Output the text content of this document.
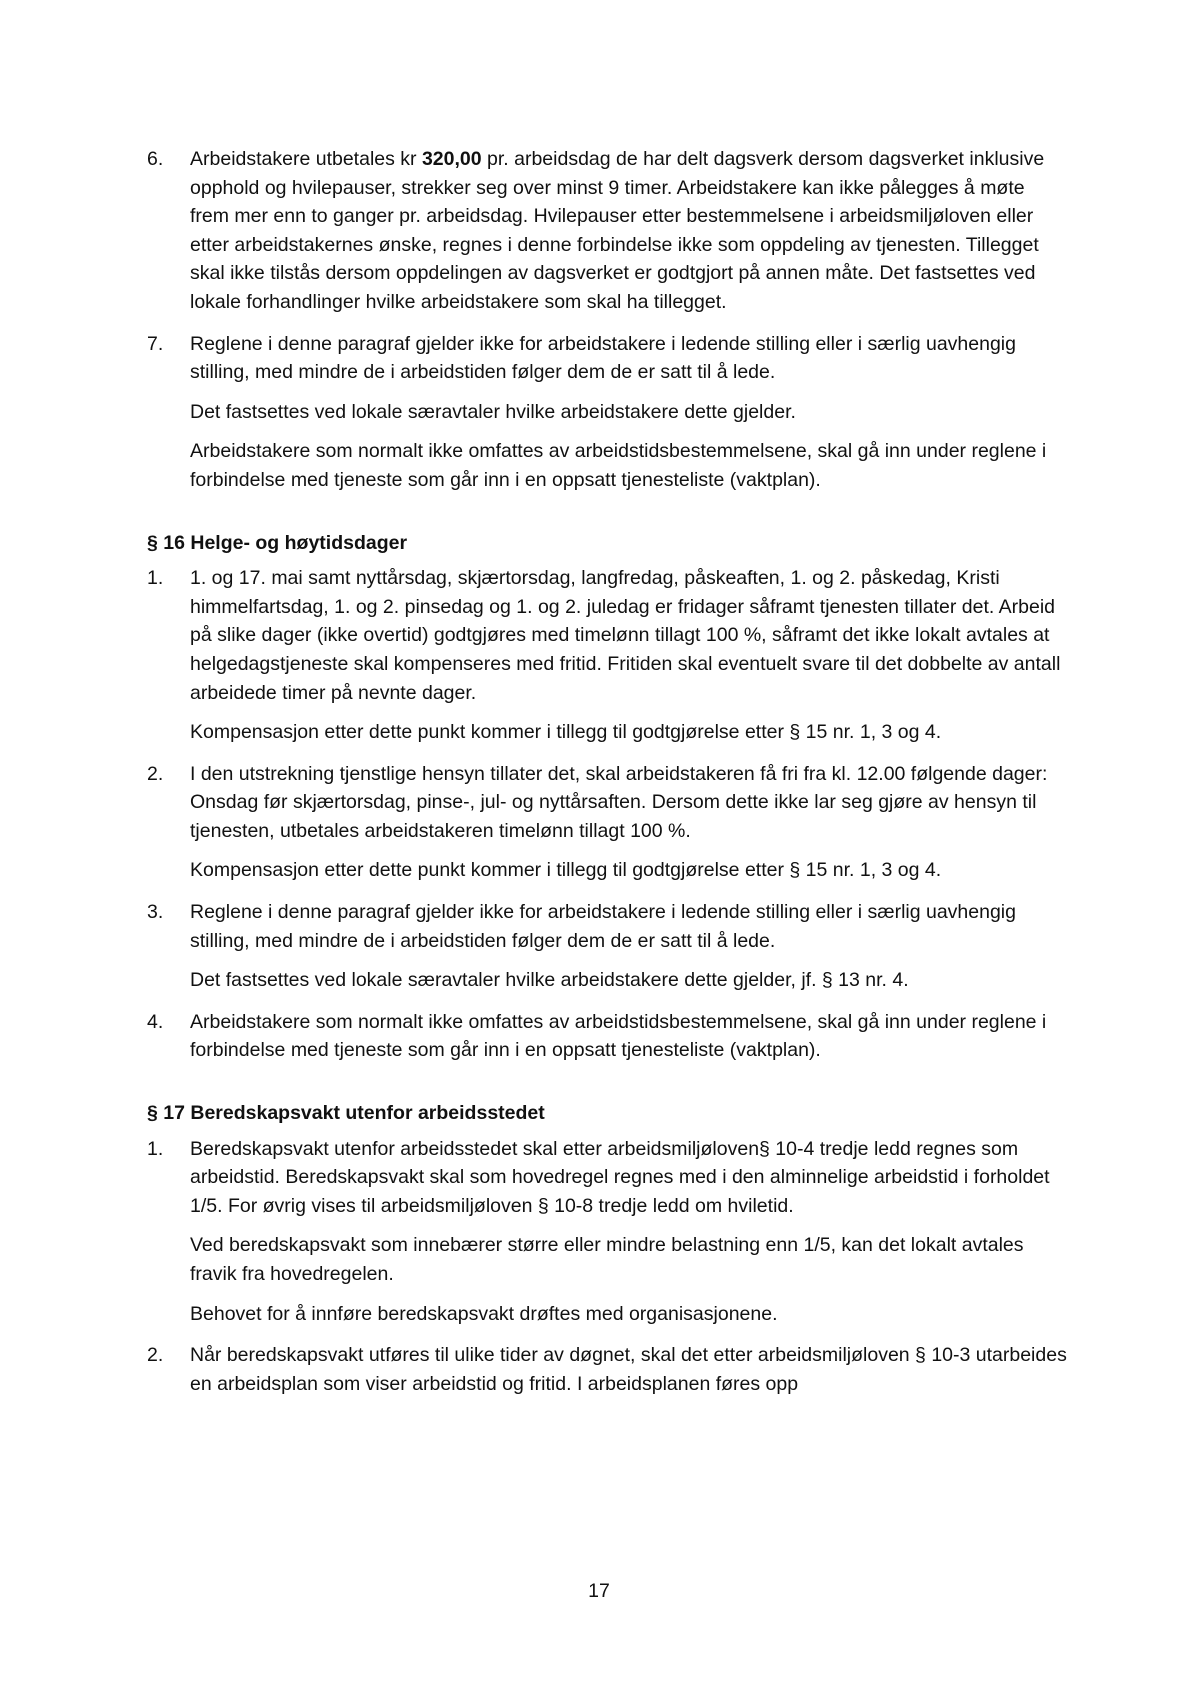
6.	Arbeidstakere utbetales kr 320,00 pr. arbeidsdag de har delt dagsverk dersom dagsverket inklusive opphold og hvilepauser, strekker seg over minst 9 timer. Arbeidstakere kan ikke pålegges å møte frem mer enn to ganger pr. arbeidsdag. Hvilepauser etter bestemmelsene i arbeidsmiljøloven eller etter arbeidstakernes ønske, regnes i denne forbindelse ikke som oppdeling av tjenesten. Tillegget skal ikke tilstås dersom oppdelingen av dagsverket er godtgjort på annen måte. Det fastsettes ved lokale forhandlinger hvilke arbeidstakere som skal ha tillegget.

7.	Reglene i denne paragraf gjelder ikke for arbeidstakere i ledende stilling eller i særlig uavhengig stilling, med mindre de i arbeidstiden følger dem de er satt til å lede.

Det fastsettes ved lokale særavtaler hvilke arbeidstakere dette gjelder.

Arbeidstakere som normalt ikke omfattes av arbeidstidsbestemmelsene, skal gå inn under reglene i forbindelse med tjeneste som går inn i en oppsatt tjenesteliste (vaktplan).

§ 16 Helge- og høytidsdager
1.	1. og 17. mai samt nyttårsdag, skjærtorsdag, langfredag, påskeaften, 1. og 2. påskedag, Kristi himmelfartsdag, 1. og 2. pinsedag og 1. og 2. juledag er fridager såframt tjenesten tillater det. Arbeid på slike dager (ikke overtid) godtgjøres med timelønn tillagt 100 %, såframt det ikke lokalt avtales at helgedagstjeneste skal kompenseres med fritid. Fritiden skal eventuelt svare til det dobbelte av antall arbeidede timer på nevnte dager.

Kompensasjon etter dette punkt kommer i tillegg til godtgjørelse etter § 15 nr. 1, 3 og 4.

2.	I den utstrekning tjenstlige hensyn tillater det, skal arbeidstakeren få fri fra kl. 12.00 følgende dager: Onsdag før skjærtorsdag, pinse-, jul- og nyttårsaften. Dersom dette ikke lar seg gjøre av hensyn til tjenesten, utbetales arbeidstakeren timelønn tillagt 100 %.

Kompensasjon etter dette punkt kommer i tillegg til godtgjørelse etter § 15 nr. 1, 3 og 4.

3.	Reglene i denne paragraf gjelder ikke for arbeidstakere i ledende stilling eller i særlig uavhengig stilling, med mindre de i arbeidstiden følger dem de er satt til å lede.

Det fastsettes ved lokale særavtaler hvilke arbeidstakere dette gjelder, jf. § 13 nr. 4.

4.	Arbeidstakere som normalt ikke omfattes av arbeidstidsbestemmelsene, skal gå inn under reglene i forbindelse med tjeneste som går inn i en oppsatt tjenesteliste (vaktplan).

§ 17 Beredskapsvakt utenfor arbeidsstedet
1.	Beredskapsvakt utenfor arbeidsstedet skal etter arbeidsmiljøloven§ 10-4 tredje ledd regnes som arbeidstid. Beredskapsvakt skal som hovedregel regnes med i den alminnelige arbeidstid i forholdet 1/5. For øvrig vises til arbeidsmiljøloven § 10-8 tredje ledd om hviletid.

Ved beredskapsvakt som innebærer større eller mindre belastning enn 1/5, kan det lokalt avtales fravik fra hovedregelen.

Behovet for å innføre beredskapsvakt drøftes med organisasjonene.

2.	Når beredskapsvakt utføres til ulike tider av døgnet, skal det etter arbeidsmiljøloven § 10-3 utarbeides en arbeidsplan som viser arbeidstid og fritid. I arbeidsplanen føres opp

17
